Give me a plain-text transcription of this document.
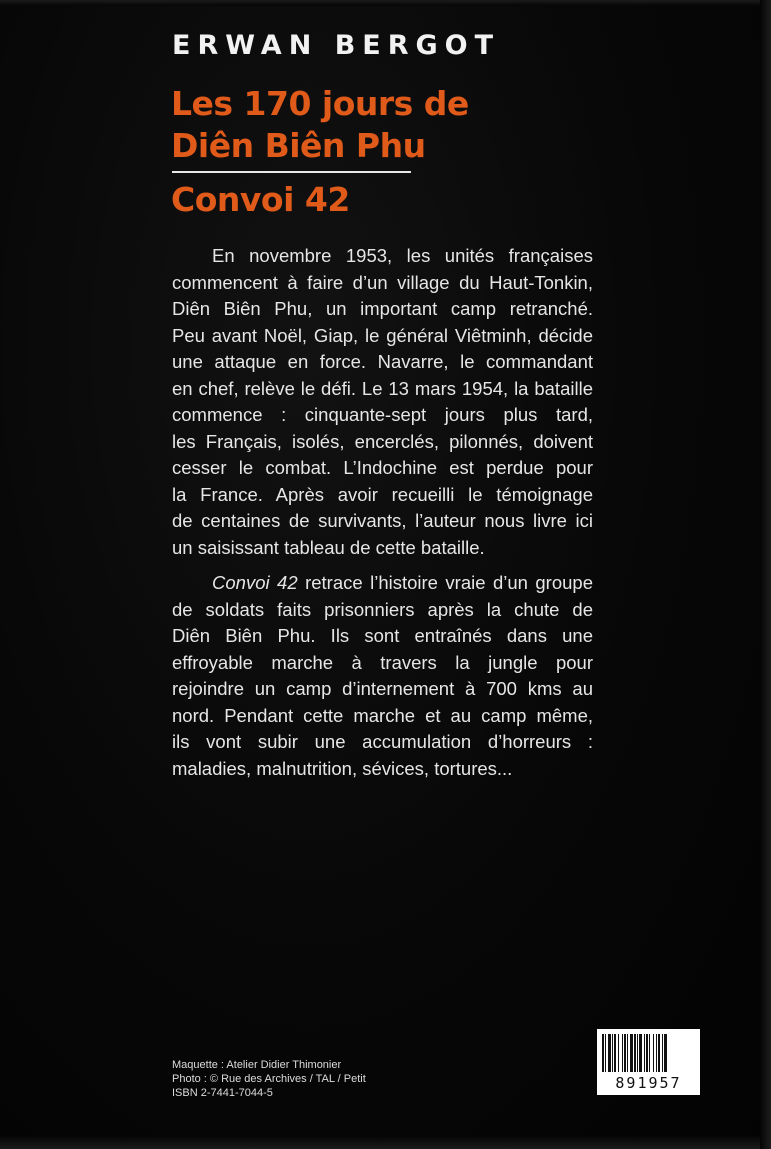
ERWAN BERGOT
Les 170 jours de
Diên Biên Phu
Convoi 42
En novembre 1953, les unités françaises
commencent à faire d’un village du Haut-Tonkin,
Diên Biên Phu, un important camp retranché.
Peu avant Noël, Giap, le général Viêtminh, décide
une attaque en force. Navarre, le commandant
en chef, relève le défi. Le 13 mars 1954, la bataille
commence : cinquante-sept jours plus tard,
les Français, isolés, encerclés, pilonnés, doivent
cesser le combat. L’Indochine est perdue pour
la France. Après avoir recueilli le témoignage
de centaines de survivants, l’auteur nous livre ici
un saisissant tableau de cette bataille.
Convoi 42 retrace l’histoire vraie d’un groupe
de soldats faits prisonniers après la chute de
Diên Biên Phu. Ils sont entraînés dans une
effroyable marche à travers la jungle pour
rejoindre un camp d’internement à 700 kms au
nord. Pendant cette marche et au camp même,
ils vont subir une accumulation d’horreurs :
maladies, malnutrition, sévices, tortures...
Maquette : Atelier Didier Thimonier
Photo : © Rue des Archives / TAL / Petit
ISBN 2-7441-7044-5
891957
